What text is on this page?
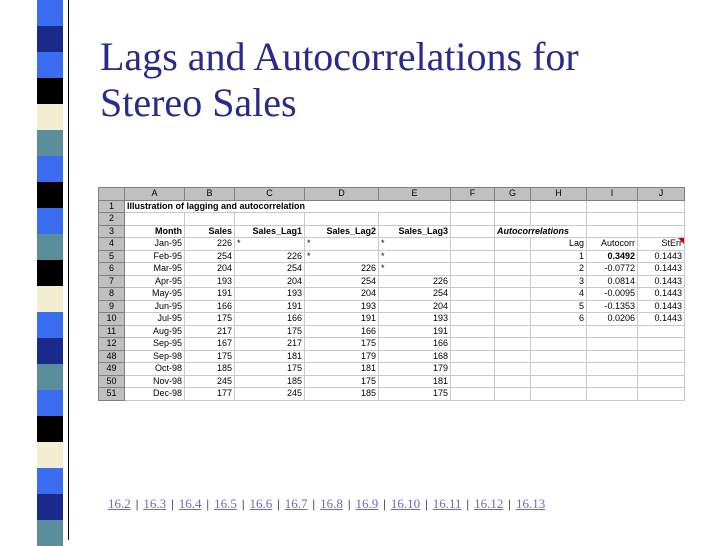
Lags and Autocorrelations for
Stereo Sales
	A	B	C	D	E	F	G	H	I	J
1	Illustration of lagging and autocorrelation									
2										
3	Month	Sales	Sales_Lag1	Sales_Lag2	Sales_Lag3		Autocorrelations			
4	Jan-95	226	*	*	*			Lag	Autocorr	StErr

5	Feb-95	254	226	*	*			1	0.3492	0.1443
6	Mar-95	204	254	226	*			2	-0.0772	0.1443
7	Apr-95	193	204	254	226			3	0.0814	0.1443
8	May-95	191	193	204	254			4	-0.0095	0.1443
9	Jun-95	166	191	193	204			5	-0.1353	0.1443
10	Jul-95	175	166	191	193			6	0.0206	0.1443
11	Aug-95	217	175	166	191					
12	Sep-95	167	217	175	166					
48	Sep-98	175	181	179	168					
49	Oct-98	185	175	181	179					
50	Nov-98	245	185	175	181					
51	Dec-98	177	245	185	175					
16.2 | 16.3 | 16.4 | 16.5 | 16.6 | 16.7 | 16.8 | 16.9 | 16.10 | 16.11 | 16.12 | 16.13
